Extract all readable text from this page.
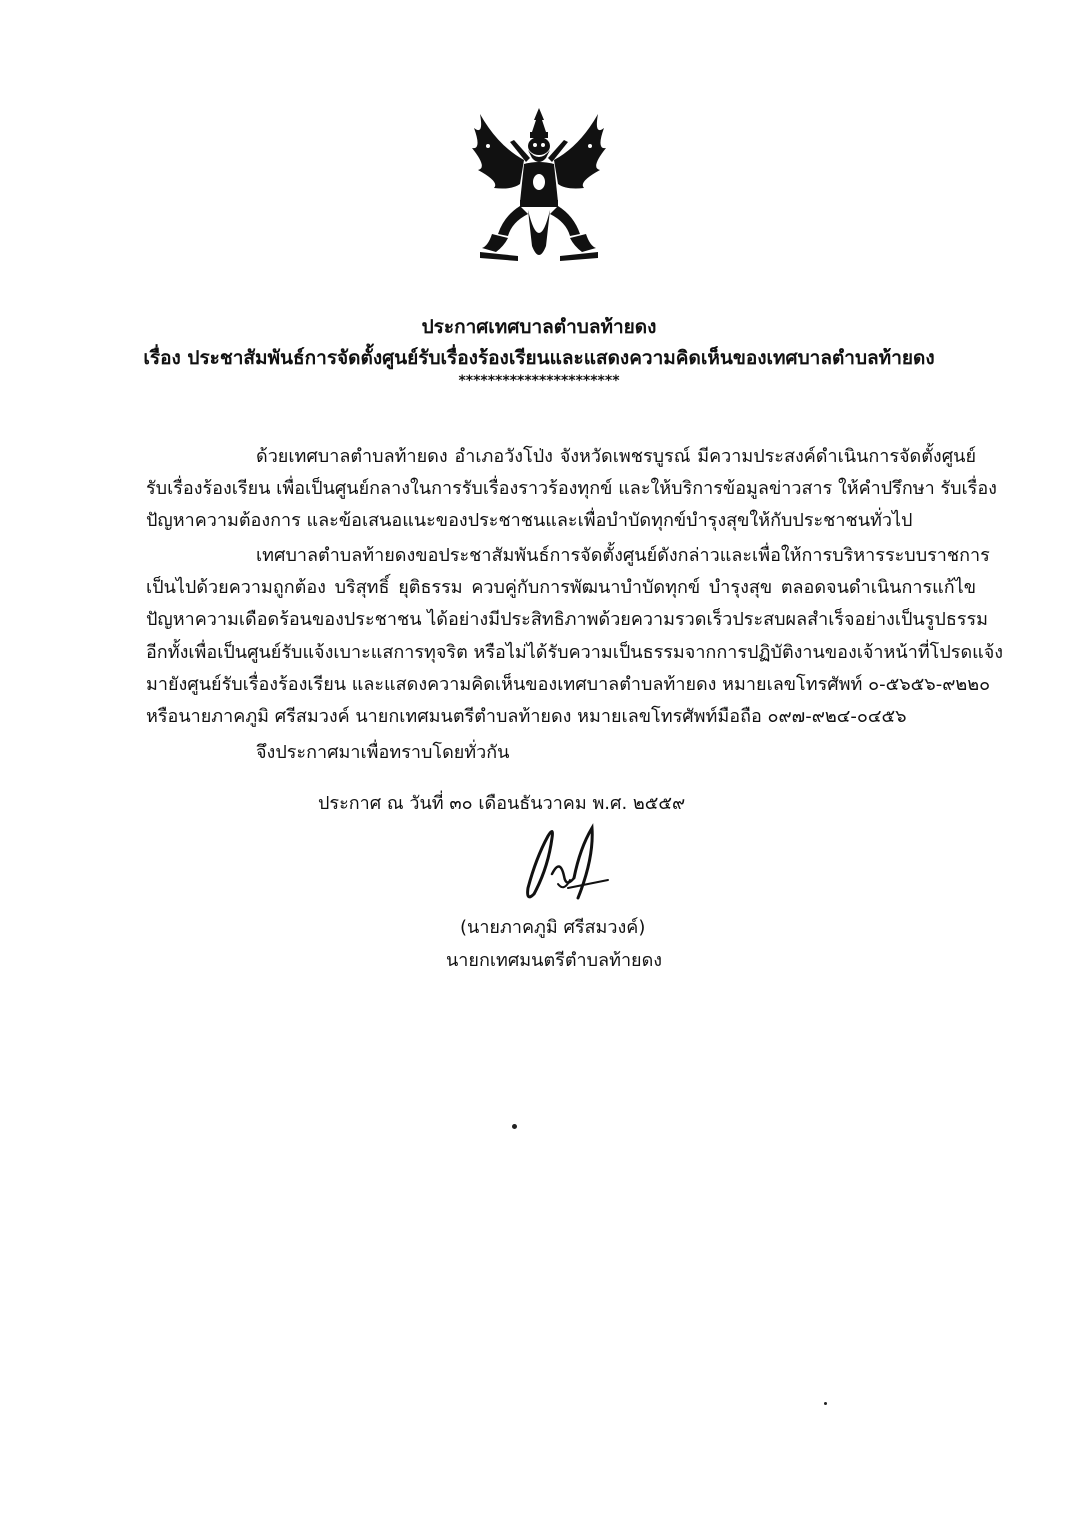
ประกาศเทศบาลตำบลท้ายดง
เรื่อง ประชาสัมพันธ์การจัดตั้งศูนย์รับเรื่องร้องเรียนและแสดงความคิดเห็นของเทศบาลตำบลท้ายดง
**********************
ด้วยเทศบาลตำบลท้ายดง อำเภอวังโป่ง จังหวัดเพชรบูรณ์ มีความประสงค์ดำเนินการจัดตั้งศูนย์
รับเรื่องร้องเรียน เพื่อเป็นศูนย์กลางในการรับเรื่องราวร้องทุกข์ และให้บริการข้อมูลข่าวสาร ให้คำปรึกษา รับเรื่อง
ปัญหาความต้องการ และข้อเสนอแนะของประชาชนและเพื่อบำบัดทุกข์บำรุงสุขให้กับประชาชนทั่วไป
เทศบาลตำบลท้ายดงขอประชาสัมพันธ์การจัดตั้งศูนย์ดังกล่าวและเพื่อให้การบริหารระบบราชการ
เป็นไปด้วยความถูกต้อง บริสุทธิ์ ยุติธรรม ควบคู่กับการพัฒนาบำบัดทุกข์ บำรุงสุข ตลอดจนดำเนินการแก้ไข
ปัญหาความเดือดร้อนของประชาชน ได้อย่างมีประสิทธิภาพด้วยความรวดเร็วประสบผลสำเร็จอย่างเป็นรูปธรรม
อีกทั้งเพื่อเป็นศูนย์รับแจ้งเบาะแสการทุจริต หรือไม่ได้รับความเป็นธรรมจากการปฏิบัติงานของเจ้าหน้าที่โปรดแจ้ง
มายังศูนย์รับเรื่องร้องเรียน และแสดงความคิดเห็นของเทศบาลตำบลท้ายดง หมายเลขโทรศัพท์ ๐-๕๖๕๖-๙๒๒๐
หรือนายภาคภูมิ ศรีสมวงค์ นายกเทศมนตรีตำบลท้ายดง หมายเลขโทรศัพท์มือถือ ๐๙๗-๙๒๔-๐๔๕๖
จึงประกาศมาเพื่อทราบโดยทั่วกัน
ประกาศ ณ วันที่ ๓๐ เดือนธันวาคม พ.ศ. ๒๕๕๙
(นายภาคภูมิ ศรีสมวงค์)
นายกเทศมนตรีตำบลท้ายดง
